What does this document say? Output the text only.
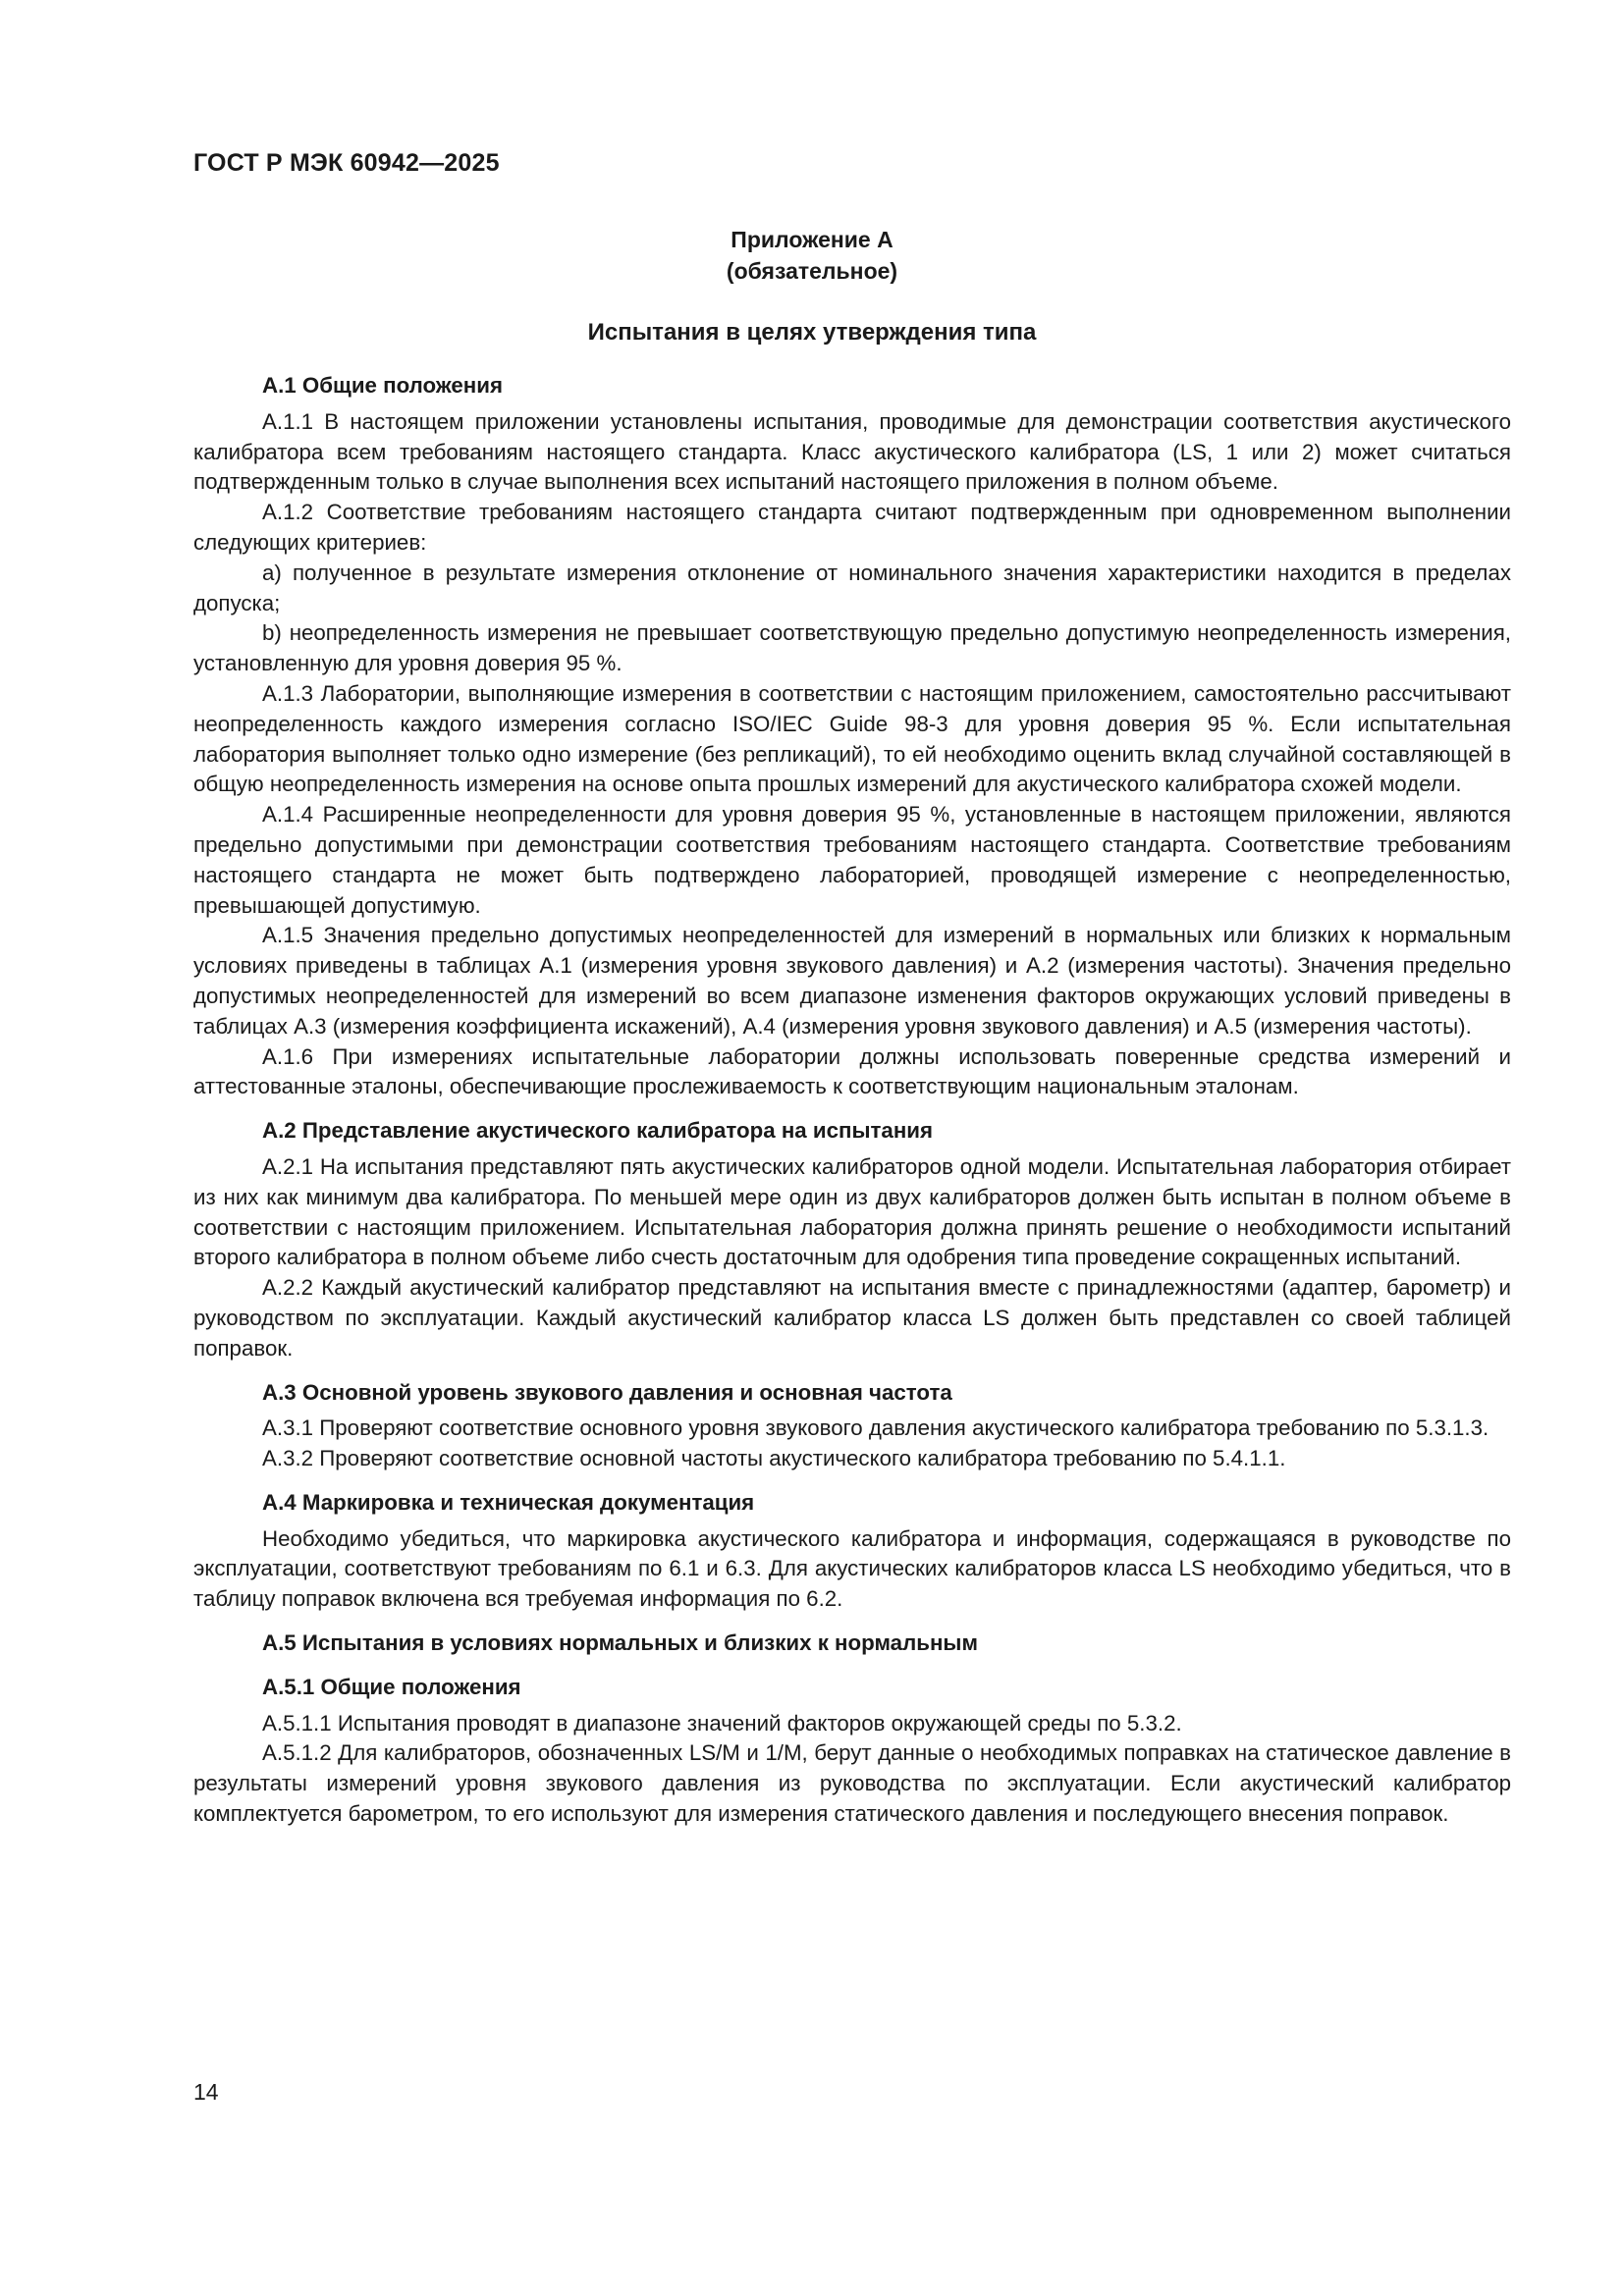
ГОСТ Р МЭК 60942—2025
Приложение А
(обязательное)
Испытания в целях утверждения типа

А.1 Общие положения

А.1.1 В настоящем приложении установлены испытания, проводимые для демонстрации соответствия акустического калибратора всем требованиям настоящего стандарта. Класс акустического калибратора (LS, 1 или 2) может считаться подтвержденным только в случае выполнения всех испытаний настоящего приложения в полном объеме.

А.1.2 Соответствие требованиям настоящего стандарта считают подтвержденным при одновременном выполнении следующих критериев:

а) полученное в результате измерения отклонение от номинального значения характеристики находится в пределах допуска;

b) неопределенность измерения не превышает соответствующую предельно допустимую неопределенность измерения, установленную для уровня доверия 95 %.

А.1.3 Лаборатории, выполняющие измерения в соответствии с настоящим приложением, самостоятельно рассчитывают неопределенность каждого измерения согласно ISO/IEC Guide 98-3 для уровня доверия 95 %. Если испытательная лаборатория выполняет только одно измерение (без репликаций), то ей необходимо оценить вклад случайной составляющей в общую неопределенность измерения на основе опыта прошлых измерений для акустического калибратора схожей модели.

А.1.4 Расширенные неопределенности для уровня доверия 95 %, установленные в настоящем приложении, являются предельно допустимыми при демонстрации соответствия требованиям настоящего стандарта. Соответствие требованиям настоящего стандарта не может быть подтверждено лабораторией, проводящей измерение с неопределенностью, превышающей допустимую.

А.1.5 Значения предельно допустимых неопределенностей для измерений в нормальных или близких к нормальным условиях приведены в таблицах А.1 (измерения уровня звукового давления) и А.2 (измерения частоты). Значения предельно допустимых неопределенностей для измерений во всем диапазоне изменения факторов окружающих условий приведены в таблицах А.3 (измерения коэффициента искажений), А.4 (измерения уровня звукового давления) и А.5 (измерения частоты).

А.1.6 При измерениях испытательные лаборатории должны использовать поверенные средства измерений и аттестованные эталоны, обеспечивающие прослеживаемость к соответствующим национальным эталонам.

А.2 Представление акустического калибратора на испытания

А.2.1 На испытания представляют пять акустических калибраторов одной модели. Испытательная лаборатория отбирает из них как минимум два калибратора. По меньшей мере один из двух калибраторов должен быть испытан в полном объеме в соответствии с настоящим приложением. Испытательная лаборатория должна принять решение о необходимости испытаний второго калибратора в полном объеме либо счесть достаточным для одобрения типа проведение сокращенных испытаний.

А.2.2 Каждый акустический калибратор представляют на испытания вместе с принадлежностями (адаптер, барометр) и руководством по эксплуатации. Каждый акустический калибратор класса LS должен быть представлен со своей таблицей поправок.

А.3 Основной уровень звукового давления и основная частота

А.3.1 Проверяют соответствие основного уровня звукового давления акустического калибратора требованию по 5.3.1.3.

А.3.2 Проверяют соответствие основной частоты акустического калибратора требованию по 5.4.1.1.

А.4 Маркировка и техническая документация

Необходимо убедиться, что маркировка акустического калибратора и информация, содержащаяся в руководстве по эксплуатации, соответствуют требованиям по 6.1 и 6.3. Для акустических калибраторов класса LS необходимо убедиться, что в таблицу поправок включена вся требуемая информация по 6.2.

А.5 Испытания в условиях нормальных и близких к нормальным

А.5.1 Общие положения

А.5.1.1 Испытания проводят в диапазоне значений факторов окружающей среды по 5.3.2.

А.5.1.2 Для калибраторов, обозначенных LS/M и 1/M, берут данные о необходимых поправках на статическое давление в результаты измерений уровня звукового давления из руководства по эксплуатации. Если акустический калибратор комплектуется барометром, то его используют для измерения статического давления и последующего внесения поправок.

14
